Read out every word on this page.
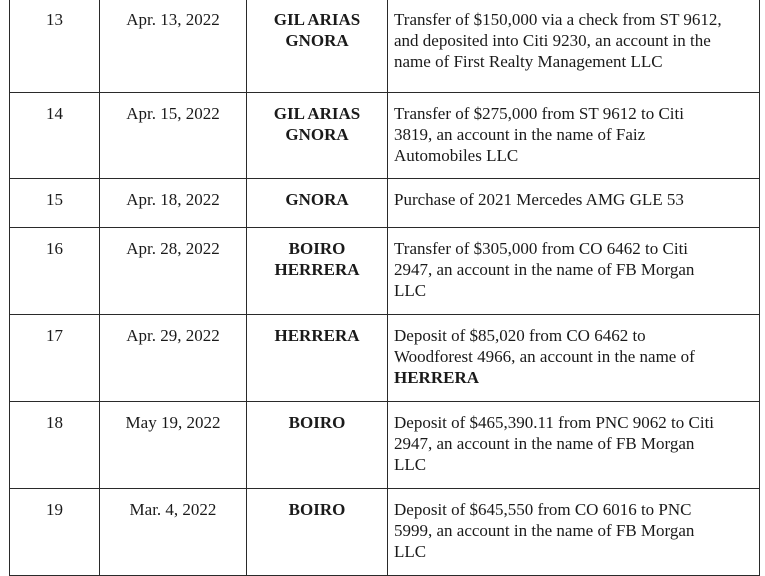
13	Apr. 13, 2022	GIL ARIAS
GNORA	Transfer of $150,000 via a check from ST 9612,
and deposited into Citi 9230, an account in the
name of First Realty Management LLC

14	Apr. 15, 2022	GIL ARIAS
GNORA	Transfer of $275,000 from ST 9612 to Citi
3819, an account in the name of Faiz
Automobiles LLC

15	Apr. 18, 2022	GNORA	Purchase of 2021 Mercedes AMG GLE 53

16	Apr. 28, 2022	BOIRO
HERRERA	Transfer of $305,000 from CO 6462 to Citi
2947, an account in the name of FB Morgan
LLC

17	Apr. 29, 2022	HERRERA	Deposit of $85,020 from CO 6462 to
Woodforest 4966, an account in the name of
HERRERA

18	May 19, 2022	BOIRO	Deposit of $465,390.11 from PNC 9062 to Citi
2947, an account in the name of FB Morgan
LLC

19	Mar. 4, 2022	BOIRO	Deposit of $645,550 from CO 6016 to PNC
5999, an account in the name of FB Morgan
LLC
